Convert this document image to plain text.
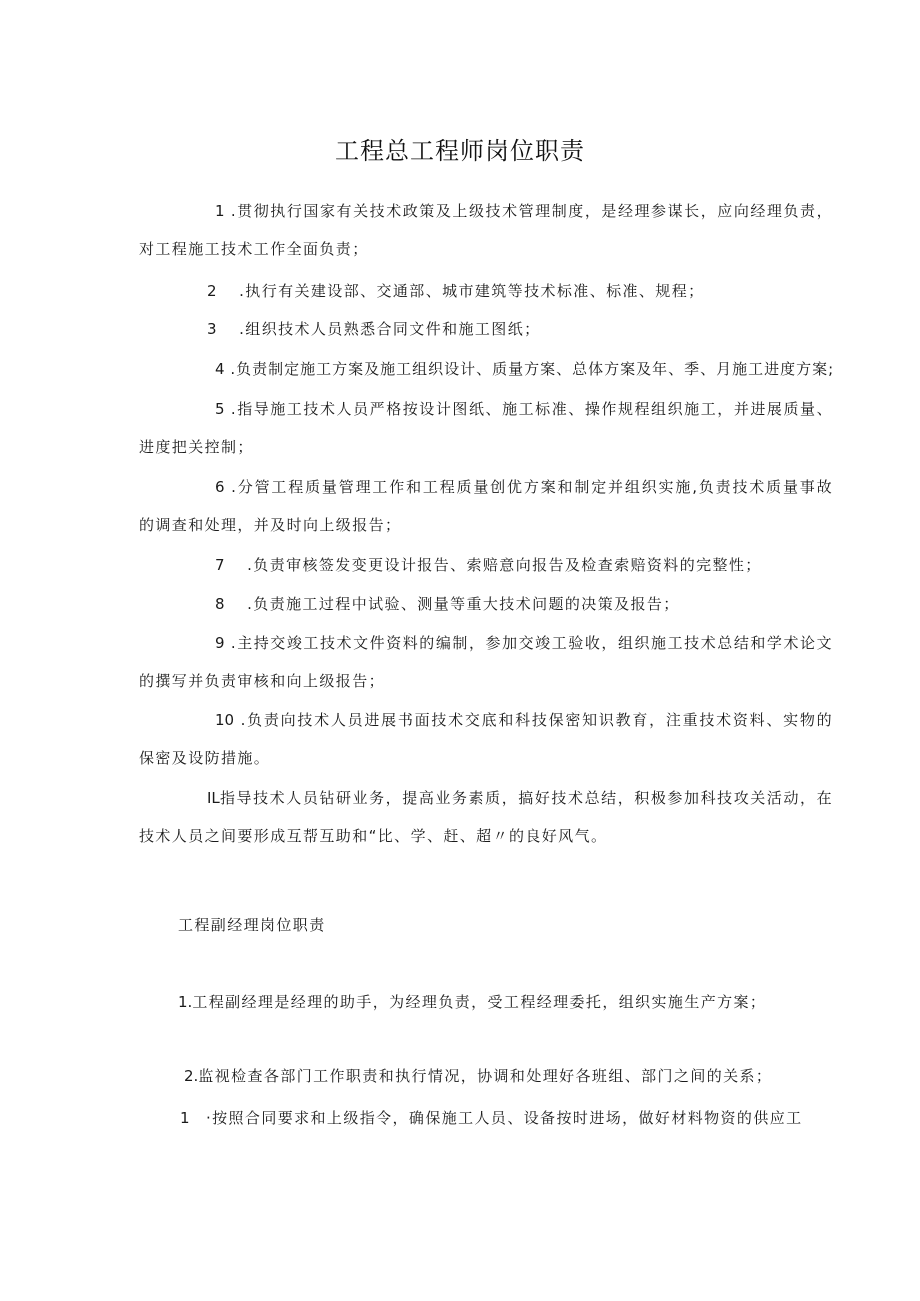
工程总工程师岗位职责
1 .贯彻执行国家有关技术政策及上级技术管理制度，是经理参谋长，应向经理负责，对工程施工技术工作全面负责；
2　 .执行有关建设部、交通部、城市建筑等技术标准、标准、规程；
3　 .组织技术人员熟悉合同文件和施工图纸；
4 .负责制定施工方案及施工组织设计、质量方案、总体方案及年、季、月施工进度方案;
5 .指导施工技术人员严格按设计图纸、施工标准、操作规程组织施工，并进展质量、进度把关控制；
6 .分管工程质量管理工作和工程质量创优方案和制定并组织实施,负责技术质量事故的调查和处理，并及时向上级报告；
7　 .负责审核签发变更设计报告、索赔意向报告及检查索赔资料的完整性；
8　 .负责施工过程中试验、测量等重大技术问题的决策及报告；
9 .主持交竣工技术文件资料的编制，参加交竣工验收，组织施工技术总结和学术论文的撰写并负责审核和向上级报告；
10 .负责向技术人员进展书面技术交底和科技保密知识教育，注重技术资料、实物的保密及设防措施。
IL指导技术人员钻研业务，提高业务素质，搞好技术总结，积极参加科技攻关活动，在技术人员之间要形成互帮互助和“比、学、赶、超〃的良好风气。
工程副经理岗位职责
1.工程副经理是经理的助手，为经理负责，受工程经理委托，组织实施生产方案；
2.监视检查各部门工作职责和执行情况，协调和处理好各班组、部门之间的关系；
1　·按照合同要求和上级指令，确保施工人员、设备按时进场，做好材料物资的供应工
